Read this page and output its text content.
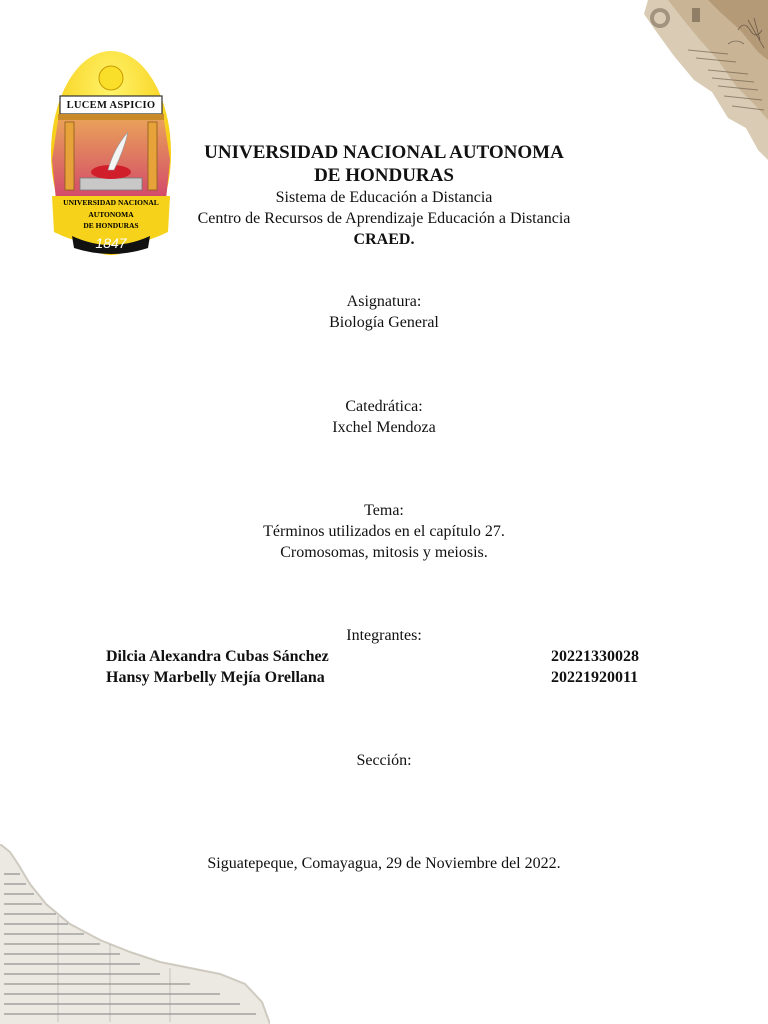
LUCEM ASPICIO
UNIVERSIDAD NACIONAL
AUTONOMA
DE HONDURAS
1847
UNIVERSIDAD NACIONAL AUTONOMA
DE HONDURAS
Sistema de Educación a Distancia
Centro de Recursos de Aprendizaje Educación a Distancia
CRAED.
Asignatura:
Biología General
Catedrática:
Ixchel Mendoza
Tema:
Términos utilizados en el capítulo 27.
Cromosomas, mitosis y meiosis.
Integrantes:
Dilcia Alexandra Cubas Sánchez	20221330028
Hansy Marbelly Mejía Orellana	20221920011
Sección:
Siguatepeque, Comayagua, 29 de Noviembre del 2022.
